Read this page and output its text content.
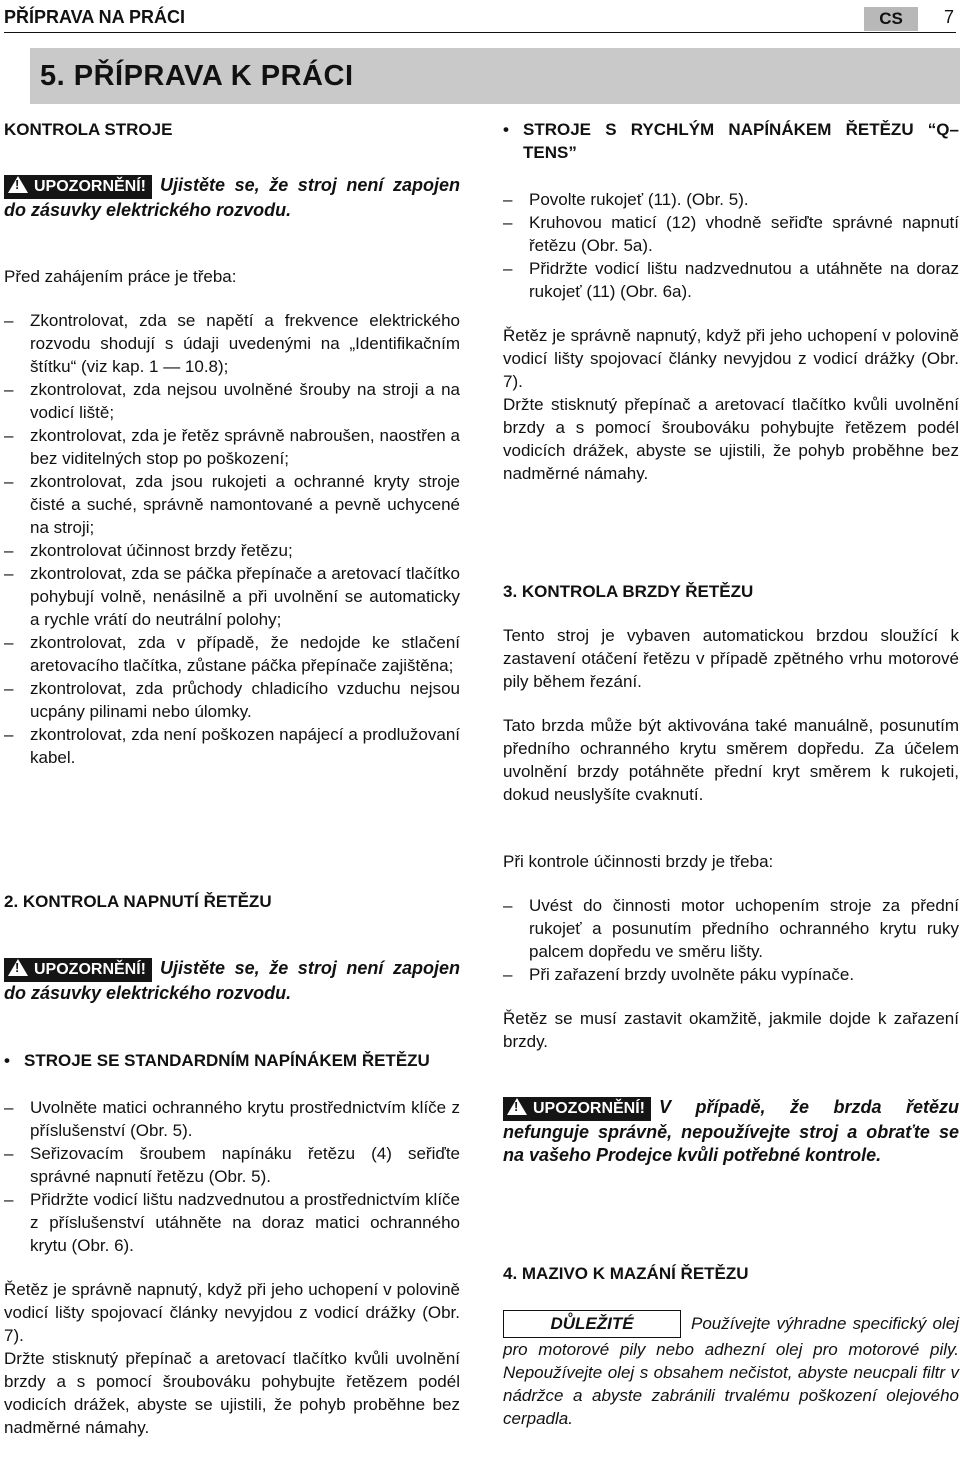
PŘÍPRAVA NA PRÁCI	CS	7
5. PŘÍPRAVA K PRÁCI

KONTROLA STROJE

!UPOZORNĚNÍ! Ujistěte se, že stroj není zapojen do zásuvky elektrického rozvodu.

Před zahájením práce je třeba:

– Zkontrolovat, zda se napětí a frekvence elektrického rozvodu shodují s údaji uvedenými na „Identifikačním štítku“ (viz kap. 1 — 10.8);
– zkontrolovat, zda nejsou uvolněné šrouby na stroji a na vodicí liště;
– zkontrolovat, zda je řetěz správně nabroušen, naostřen a bez viditelných stop po poškození;
– zkontrolovat, zda jsou rukojeti a ochranné kryty stroje čisté a suché, správně namontované a pevně uchycené na stroji;
– zkontrolovat účinnost brzdy řetězu;
– zkontrolovat, zda se páčka přepínače a aretovací tlačítko pohybují volně, nenásilně a při uvolnění se automaticky a rychle vrátí do neutrální polohy;
– zkontrolovat, zda v případě, že nedojde ke stlačení aretovacího tlačítka, zůstane páčka přepínače zajištěna;
– zkontrolovat, zda průchody chladicího vzduchu nejsou ucpány pilinami nebo úlomky.
– zkontrolovat, zda není poškozen napájecí a prodlužovaní kabel.

2. KONTROLA NAPNUTÍ ŘETĚZU

!UPOZORNĚNÍ! Ujistěte se, že stroj není zapojen do zásuvky elektrického rozvodu.

• STROJE SE STANDARDNÍM NAPÍNÁKEM ŘETĚZU

– Uvolněte matici ochranného krytu prostřednictvím klíče z příslušenství (Obr. 5).
– Seřizovacím šroubem napínáku řetězu (4) seřiďte správné napnutí řetězu (Obr. 5).
– Přidržte vodicí lištu nadzvednutou a prostřednictvím klíče z příslušenství utáhněte na doraz matici ochranného krytu (Obr. 6).

Řetěz je správně napnutý, když při jeho uchopení v polovině vodicí lišty spojovací články nevyjdou z vodicí drážky (Obr. 7).

Držte stisknutý přepínač a aretovací tlačítko kvůli uvolnění brzdy a s pomocí šroubováku pohybujte řetězem podél vodicích drážek, abyste se ujistili, že pohyb proběhne bez nadměrné námahy.

• STROJE S RYCHLÝM NAPÍNÁKEM ŘETĚZU “Q– TENS”

– Povolte rukojeť (11). (Obr. 5).
– Kruhovou maticí (12) vhodně seřiďte správné napnutí řetězu (Obr. 5a).
– Přidržte vodicí lištu nadzvednutou a utáhněte na doraz rukojeť (11) (Obr. 6a).

Řetěz je správně napnutý, když při jeho uchopení v polovině vodicí lišty spojovací články nevyjdou z vodicí drážky (Obr. 7).

Držte stisknutý přepínač a aretovací tlačítko kvůli uvolnění brzdy a s pomocí šroubováku pohybujte řetězem podél vodicích drážek, abyste se ujistili, že pohyb proběhne bez nadměrné námahy.

3. KONTROLA BRZDY ŘETĚZU

Tento stroj je vybaven automatickou brzdou sloužící k zastavení otáčení řetězu v případě zpětného vrhu motorové pily během řezání.

Tato brzda může být aktivována také manuálně, posunutím předního ochranného krytu směrem dopředu. Za účelem uvolnění brzdy potáhněte přední kryt směrem k rukojeti, dokud neuslyšíte cvaknutí.

Při kontrole účinnosti brzdy je třeba:

– Uvést do činnosti motor uchopením stroje za přední rukojeť a posunutím předního ochranného krytu ruky palcem dopředu ve směru lišty.
– Při zařazení brzdy uvolněte páku vypínače.

Řetěz se musí zastavit okamžitě, jakmile dojde k zařazení brzdy.

!UPOZORNĚNÍ! V případě, že brzda řetězu nefunguje správně, nepoužívejte stroj a obraťte se na vašeho Prodejce kvůli potřebné kontrole.

4. MAZIVO K MAZÁNÍ ŘETĚZU

DŮLEŽITÉ	Používejte výhradne specifický olej pro motorové pily nebo adhezní olej pro motorové pily. Nepoužívejte olej s obsahem nečistot, abyste neucpali filtr v nádržce a abyste zabránili trvalému poškození olejového cerpadla.
